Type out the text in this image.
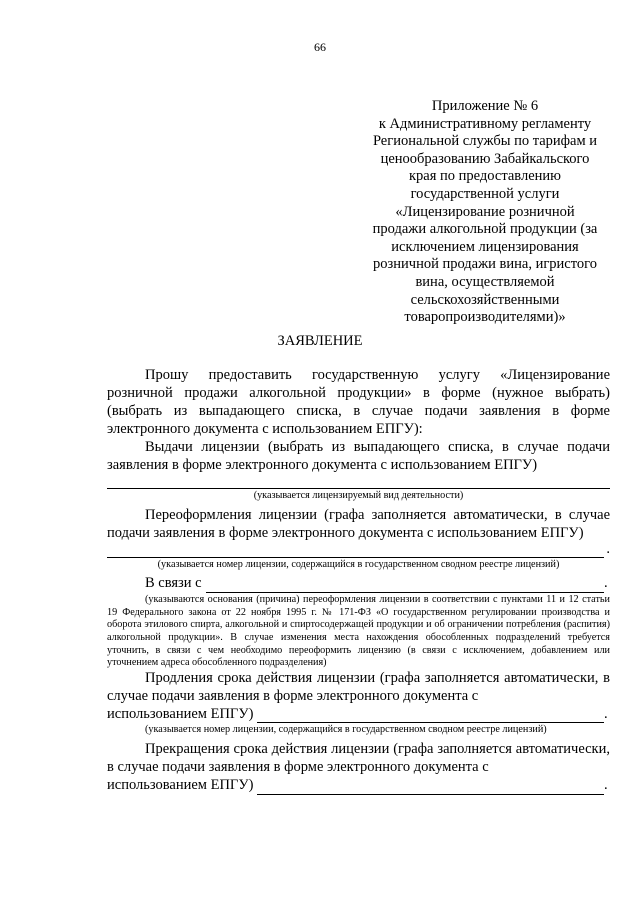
66
Приложение № 6
к Административному регламенту
Региональной службы по тарифам и
ценообразованию Забайкальского
края по предоставлению
государственной услуги
«Лицензирование розничной
продажи алкогольной продукции (за
исключением лицензирования
розничной продажи вина, игристого
вина, осуществляемой
сельскохозяйственными
товаропроизводителями)»
ЗАЯВЛЕНИЕ

Прошу предоставить государственную услугу «Лицензирование розничной продажи алкогольной продукции» в форме (нужное выбрать) (выбрать из выпадающего списка, в случае подачи заявления в форме электронного документа с использованием ЕПГУ):

Выдачи лицензии (выбрать из выпадающего списка, в случае подачи заявления в форме электронного документа с использованием ЕПГУ)

(указывается лицензируемый вид деятельности)

Переоформления лицензии (графа заполняется автоматически, в случае подачи заявления в форме электронного документа с использованием ЕПГУ)

.
(указывается номер лицензии, содержащийся в государственном сводном реестре лицензий)
В связи с	.

(указываются основания (причина) переоформления лицензии в соответствии с пунктами 11 и 12 статьи 19 Федерального закона от 22 ноября 1995 г. № 171-ФЗ «О государственном регулировании производства и оборота этилового спирта, алкогольной и спиртосодержащей продукции и об ограничении потребления (распития) алкогольной продукции». В случае изменения места нахождения обособленных подразделений требуется уточнить, в связи с чем необходимо переоформить лицензию (в связи с исключением, добавлением или уточнением адреса обособленного подразделения)

Продления срока действия лицензии (графа заполняется автоматически, в случае подачи заявления в форме электронного документа с

использованием ЕПГУ)	.

(указывается номер лицензии, содержащийся в государственном сводном реестре лицензий)

Прекращения срока действия лицензии (графа заполняется автоматически, в случае подачи заявления в форме электронного документа с

использованием ЕПГУ)	.
